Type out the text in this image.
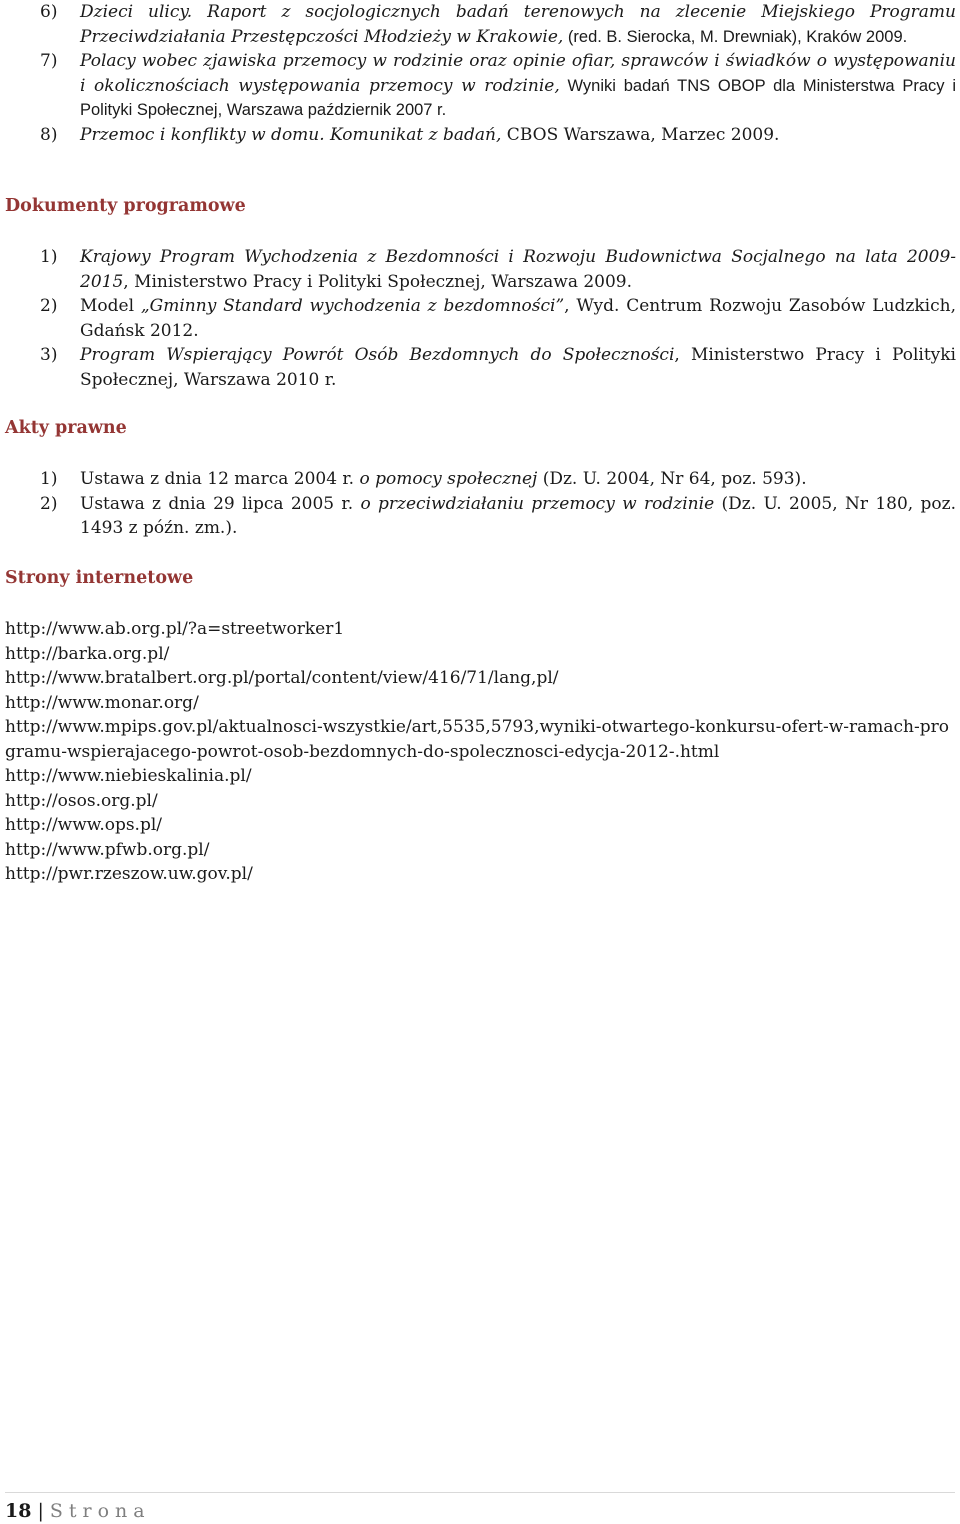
6) Dzieci ulicy. Raport z socjologicznych badań terenowych na zlecenie Miejskiego Programu Przeciwdziałania Przestępczości Młodzieży w Krakowie, (red. B. Sierocka, M. Drewniak), Kraków 2009.
7) Polacy wobec zjawiska przemocy w rodzinie oraz opinie ofiar, sprawców i świadków o występowaniu i okolicznościach występowania przemocy w rodzinie, Wyniki badań TNS OBOP dla Ministerstwa Pracy i Polityki Społecznej, Warszawa październik 2007 r.
8) Przemoc i konflikty w domu. Komunikat z badań, CBOS Warszawa, Marzec 2009.
Dokumenty programowe
1) Krajowy Program Wychodzenia z Bezdomności i Rozwoju Budownictwa Socjalnego na lata 2009-2015, Ministerstwo Pracy i Polityki Społecznej, Warszawa 2009.
2) Model „Gminny Standard wychodzenia z bezdomności”, Wyd. Centrum Rozwoju Zasobów Ludzkich, Gdańsk 2012.
3) Program Wspierający Powrót Osób Bezdomnych do Społeczności, Ministerstwo Pracy i Polityki Społecznej, Warszawa 2010 r.
Akty prawne
1) Ustawa z dnia 12 marca 2004 r. o pomocy społecznej (Dz. U. 2004, Nr 64, poz. 593).
2) Ustawa z dnia 29 lipca 2005 r. o przeciwdziałaniu przemocy w rodzinie (Dz. U. 2005, Nr 180, poz. 1493 z późn. zm.).
Strony internetowe
http://www.ab.org.pl/?a=streetworker1
http://barka.org.pl/
http://www.bratalbert.org.pl/portal/content/view/416/71/lang,pl/
http://www.monar.org/
http://www.mpips.gov.pl/aktualnosci-wszystkie/art,5535,5793,wyniki-otwartego-konkursu-ofert-w-ramach-programu-wspierajacego-powrot-osob-bezdomnych-do-spolecznosci-edycja-2012-.html
http://www.niebieskalinia.pl/
http://osos.org.pl/
http://www.ops.pl/
http://www.pfwb.org.pl/
http://pwr.rzeszow.uw.gov.pl/
18 | Strona
